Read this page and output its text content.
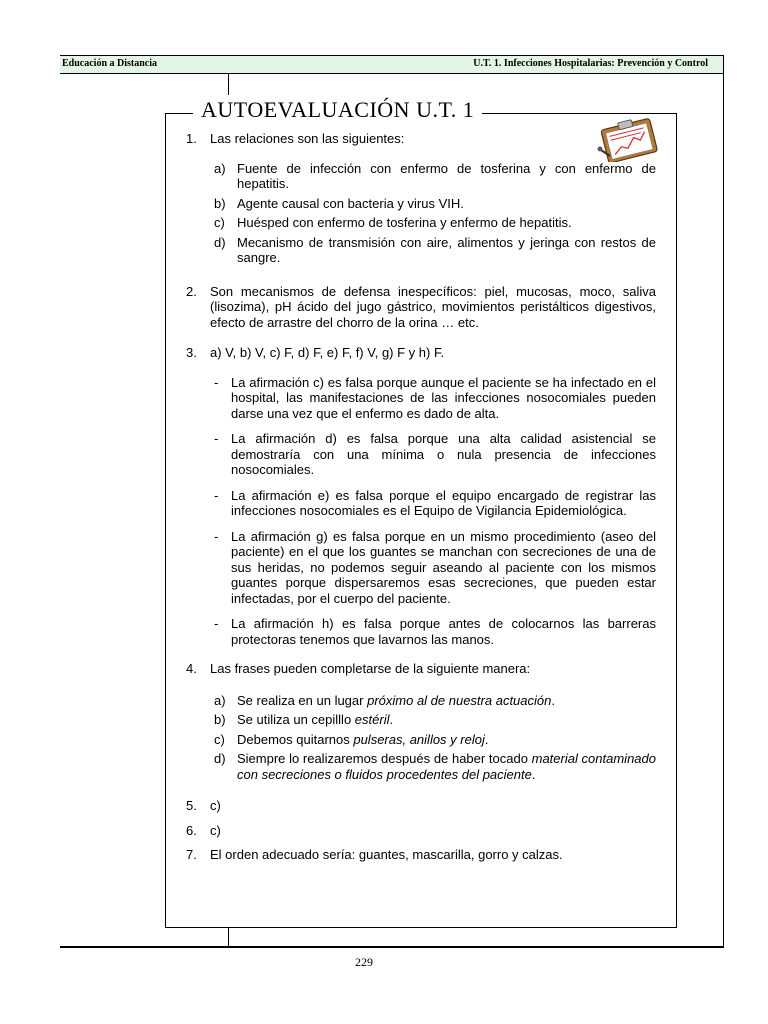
Educación a Distancia	U.T. 1. Infecciones Hospitalarias: Prevención y Control
229
AUTOEVALUACIÓN U.T. 1
1. Las relaciones son las siguientes:
a) Fuente de infección con enfermo de tosferina y con enfermo de hepatitis.
b) Agente causal con bacteria y virus VIH.
c) Huésped con enfermo de tosferina y enfermo de hepatitis.
d) Mecanismo de transmisión con aire, alimentos y jeringa con restos de sangre.
2. Son mecanismos de defensa inespecíficos: piel, mucosas, moco, saliva (lisozima), pH ácido del jugo gástrico, movimientos peristálticos digestivos, efecto de arrastre del chorro de la orina … etc.
3. a) V, b) V, c) F, d) F, e) F, f) V, g) F y h) F.
- La afirmación c) es falsa porque aunque el paciente se ha infectado en el hospital, las manifestaciones de las infecciones nosocomiales pueden darse una vez que el enfermo es dado de alta.
- La afirmación d) es falsa porque una alta calidad asistencial se demostraría con una mínima o nula presencia de infecciones nosocomiales.
- La afirmación e) es falsa porque el equipo encargado de registrar las infecciones nosocomiales es el Equipo de Vigilancia Epidemiológica.
- La afirmación g) es falsa porque en un mismo procedimiento (aseo del paciente) en el que los guantes se manchan con secreciones de una de sus heridas, no podemos seguir aseando al paciente con los mismos guantes porque dispersaremos esas secreciones, que pueden estar infectadas, por el cuerpo del paciente.
- La afirmación h) es falsa porque antes de colocarnos las barreras protectoras tenemos que lavarnos las manos.
4. Las frases pueden completarse de la siguiente manera:
a) Se realiza en un lugar próximo al de nuestra actuación.
b) Se utiliza un cepilllo estéril.
c) Debemos quitarnos pulseras, anillos y reloj.
d) Siempre lo realizaremos después de haber tocado material contaminado con secreciones o fluidos procedentes del paciente.
5. c)
6. c)
7. El orden adecuado sería: guantes, mascarilla, gorro y calzas.
